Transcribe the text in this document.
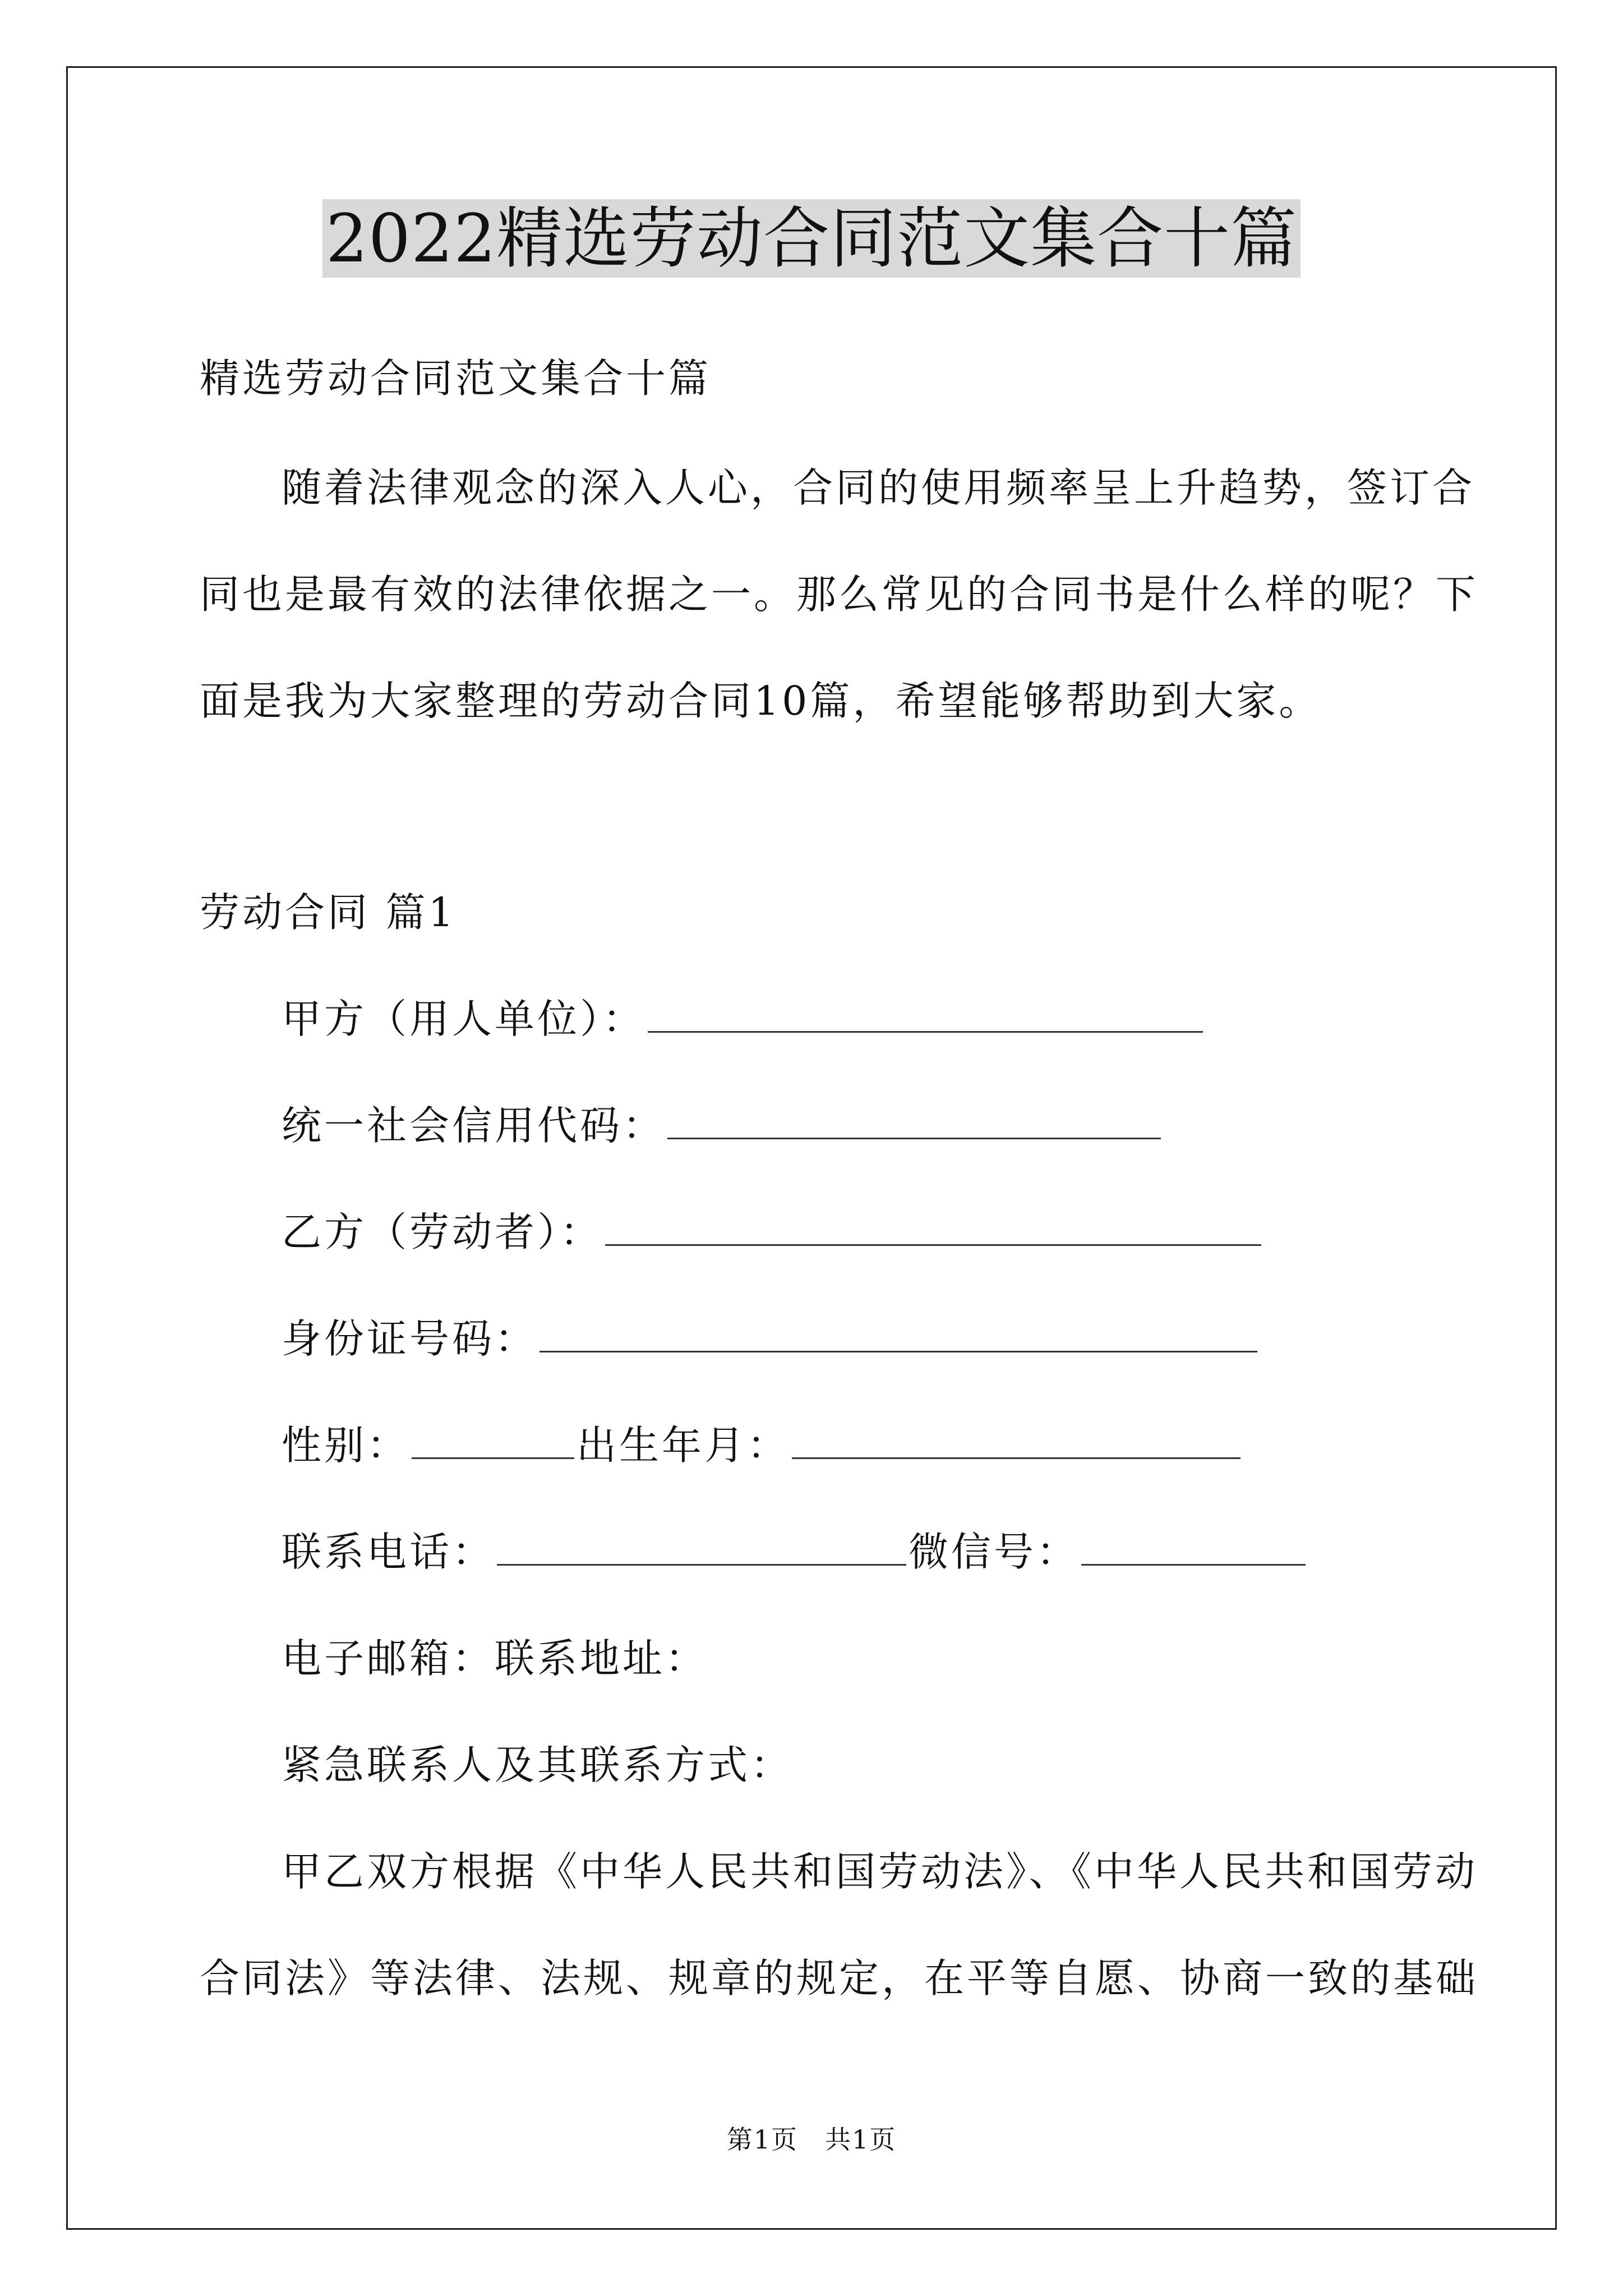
2022精选劳动合同范文集合十篇
精选劳动合同范文集合十篇
随着法律观念的深入人心，合同的使用频率呈上升趋势，签订合
同也是最有效的法律依据之一。那么常见的合同书是什么样的呢？下
面是我为大家整理的劳动合同10篇，希望能够帮助到大家。
劳动合同 篇1
甲方（用人单位）：
统一社会信用代码：
乙方（劳动者）：
身份证号码：
性别：	出生年月：
联系电话：	微信号：
电子邮箱：联系地址：
紧急联系人及其联系方式：
甲乙双方根据《中华人民共和国劳动法》、《中华人民共和国劳动
合同法》等法律、法规、规章的规定，在平等自愿、协商一致的基础
第1页　共1页
